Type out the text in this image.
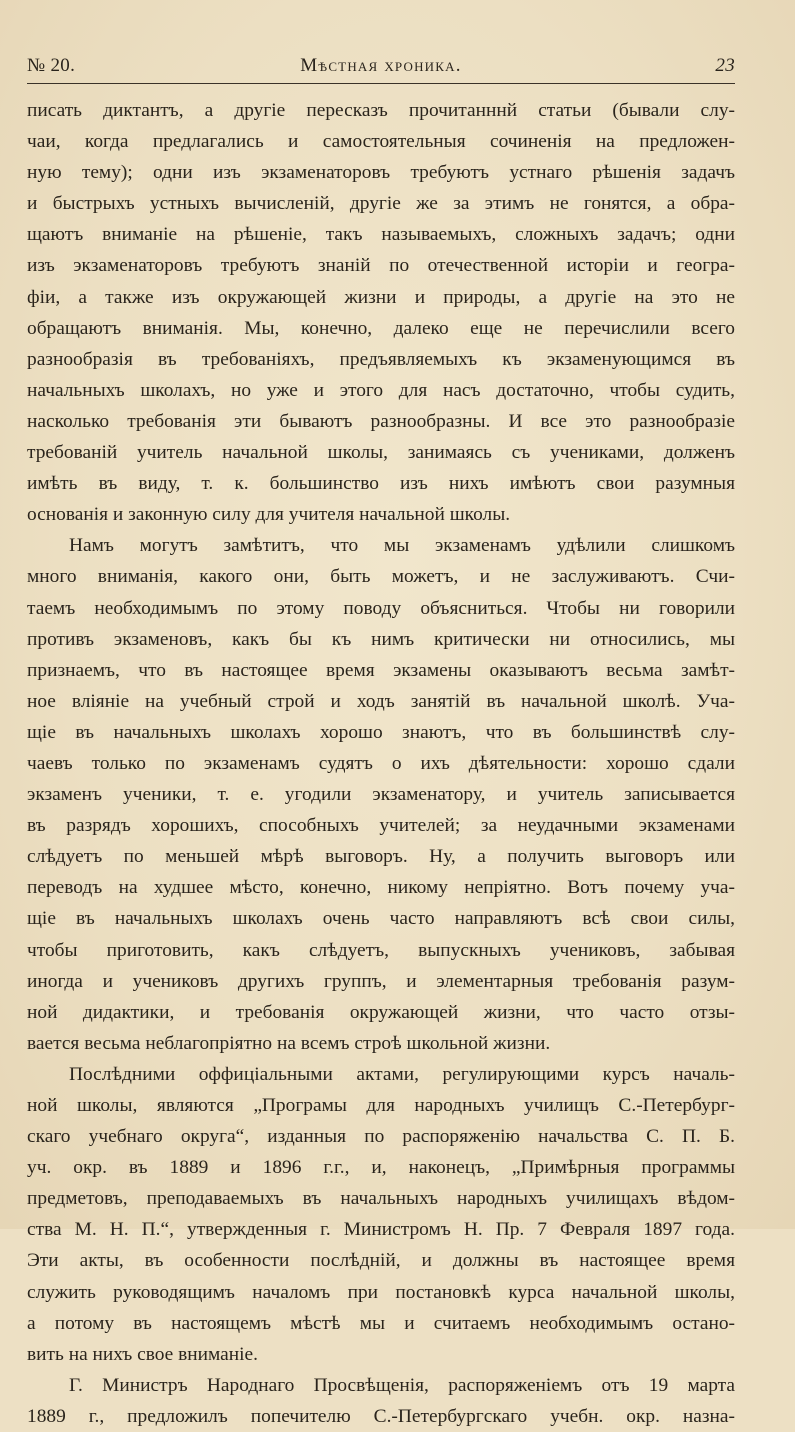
№ 20.	Мѣстная хроника.	23
писать диктантъ, а другіе пересказъ прочитанннй статьи (бывали слу-
чаи, когда предлагались и самостоятельныя сочиненія на предложен-
ную тему); одни изъ экзаменаторовъ требуютъ устнаго рѣшенія задачъ
и быстрыхъ устныхъ вычисленій, другіе же за этимъ не гонятся, а обра-
щаютъ вниманіе на рѣшеніе, такъ называемыхъ, сложныхъ задачъ; одни
изъ экзаменаторовъ требуютъ знаній по отечественной исторіи и геогра-
фіи, а также изъ окружающей жизни и природы, а другіе на это не
обращаютъ вниманія. Мы, конечно, далеко еще не перечислили всего
разнообразія въ требованіяхъ, предъявляемыхъ къ экзаменующимся въ
начальныхъ школахъ, но уже и этого для насъ достаточно, чтобы судить,
насколько требованія эти бываютъ разнообразны. И все это разнообразіе
требованій учитель начальной школы, занимаясь съ учениками, долженъ
имѣть въ виду, т. к. большинство изъ нихъ имѣютъ свои разумныя
основанія и законную силу для учителя начальной школы.
Намъ могутъ замѣтитъ, что мы экзаменамъ удѣлили слишкомъ
много вниманія, какого они, быть можетъ, и не заслуживаютъ. Счи-
таемъ необходимымъ по этому поводу объясниться. Чтобы ни говорили
противъ экзаменовъ, какъ бы къ нимъ критически ни относились, мы
признаемъ, что въ настоящее время экзамены оказываютъ весьма замѣт-
ное вліяніе на учебный строй и ходъ занятій въ начальной школѣ. Уча-
щіе въ начальныхъ школахъ хорошо знаютъ, что въ большинствѣ слу-
чаевъ только по экзаменамъ судятъ о ихъ дѣятельности: хорошо сдали
экзаменъ ученики, т. е. угодили экзаменатору, и учитель записывается
въ разрядъ хорошихъ, способныхъ учителей; за неудачными экзаменами
слѣдуетъ по меньшей мѣрѣ выговоръ. Ну, а получить выговоръ или
переводъ на худшее мѣсто, конечно, никому непріятно. Вотъ почему уча-
щіе въ начальныхъ школахъ очень часто направляютъ всѣ свои силы,
чтобы приготовить, какъ слѣдуетъ, выпускныхъ учениковъ, забывая
иногда и учениковъ другихъ группъ, и элементарныя требованія разум-
ной дидактики, и требованія окружающей жизни, что часто отзы-
вается весьма неблагопріятно на всемъ строѣ школьной жизни.
Послѣдними оффиціальными актами, регулирующими курсъ началь-
ной школы, являются „Програмы для народныхъ училищъ С.-Петербург-
скаго учебнаго округа“, изданныя по распоряженію начальства С. П. Б.
уч. окр. въ 1889 и 1896 г.г., и, наконецъ, „Примѣрныя программы
предметовъ, преподаваемыхъ въ начальныхъ народныхъ училищахъ вѣдом-
ства М. Н. П.“, утвержденныя г. Министромъ Н. Пр. 7 Февраля 1897 года.
Эти акты, въ особенности послѣдній, и должны въ настоящее время
служить руководящимъ началомъ при постановкѣ курса начальной школы,
а потому въ настоящемъ мѣстѣ мы и считаемъ необходимымъ остано-
вить на нихъ свое вниманіе.
Г. Министръ Народнаго Просвѣщенія, распоряженіемъ отъ 19 марта
1889 г., предложилъ попечителю С.-Петербургскаго учебн. окр. назна-
